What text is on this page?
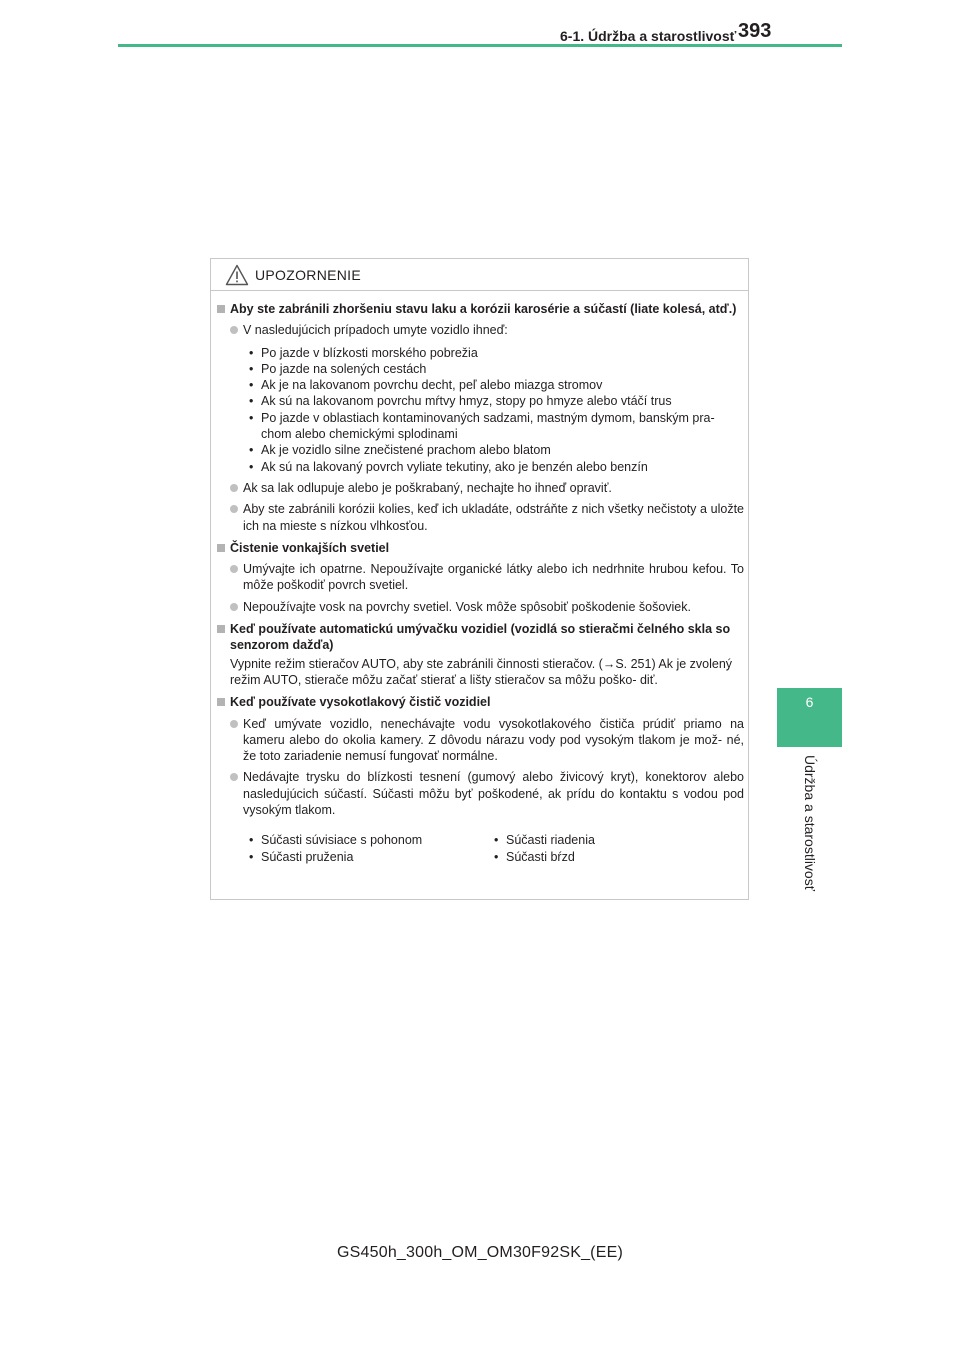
6-1. Údržba a starostlivosť 393
6
Údržba a starostlivosť
UPOZORNENIE
Aby ste zabránili zhoršeniu stavu laku a korózii karosérie a súčastí (liate kolesá, atď.)
V nasledujúcich prípadoch umyte vozidlo ihneď:
• Po jazde v blízkosti morského pobrežia
• Po jazde na solených cestách
• Ak je na lakovanom povrchu decht, peľ alebo miazga stromov
• Ak sú na lakovanom povrchu mŕtvy hmyz, stopy po hmyze alebo vtáčí trus
• Po jazde v oblastiach kontaminovaných sadzami, mastným dymom, banským pra- chom alebo chemickými splodinami
• Ak je vozidlo silne znečistené prachom alebo blatom
• Ak sú na lakovaný povrch vyliate tekutiny, ako je benzén alebo benzín
Ak sa lak odlupuje alebo je poškrabaný, nechajte ho ihneď opraviť.
Aby ste zabránili korózii kolies, keď ich ukladáte, odstráňte z nich všetky nečistoty a uložte ich na mieste s nízkou vlhkosťou.
Čistenie vonkajších svetiel
Umývajte ich opatrne. Nepoužívajte organické látky alebo ich nedrhnite hrubou kefou. To môže poškodiť povrch svetiel.
Nepoužívajte vosk na povrchy svetiel. Vosk môže spôsobiť poškodenie šošoviek.
Keď používate automatickú umývačku vozidiel (vozidlá so stieračmi čelného skla so senzorom dažďa)
Vypnite režim stieračov AUTO, aby ste zabránili činnosti stieračov. (→S. 251) Ak je zvolený režim AUTO, stierače môžu začať stierať a lišty stieračov sa môžu poško- diť.
Keď používate vysokotlakový čistič vozidiel
Keď umývate vozidlo, nenechávajte vodu vysokotlakového čističa prúdiť priamo na kameru alebo do okolia kamery. Z dôvodu nárazu vody pod vysokým tlakom je mož- né, že toto zariadenie nemusí fungovať normálne.
Nedávajte trysku do blízkosti tesnení (gumový alebo živicový kryt), konektorov alebo nasledujúcich súčastí. Súčasti môžu byť poškodené, ak prídu do kontaktu s vodou pod vysokým tlakom.
• Súčasti súvisiace s pohonom
• Súčasti pruženia
• Súčasti riadenia
• Súčasti bŕzd
GS450h_300h_OM_OM30F92SK_(EE)
